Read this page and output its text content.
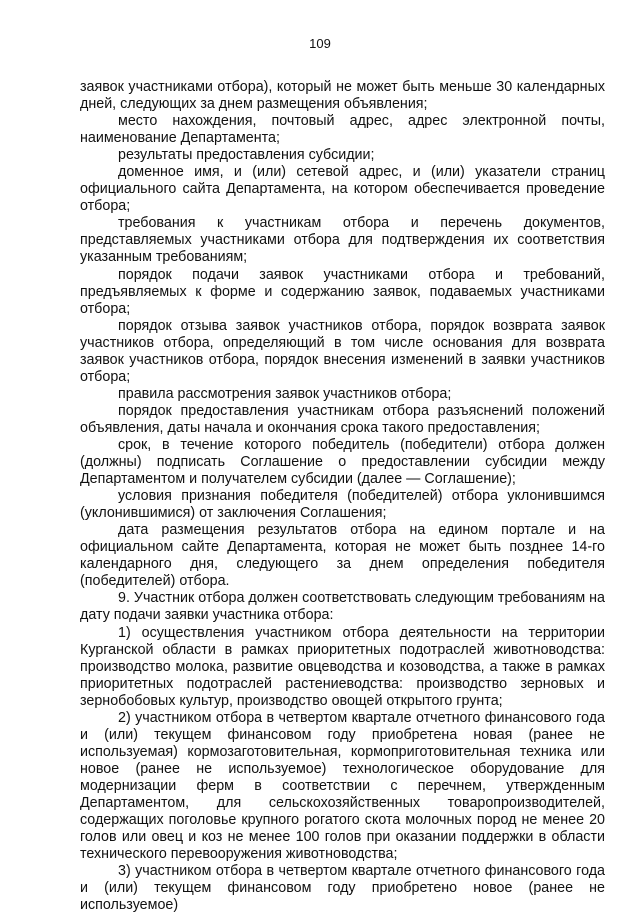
109

заявок участниками отбора), который не может быть меньше 30 календарных дней, следующих за днем размещения объявления;

место нахождения, почтовый адрес, адрес электронной почты, наименование Департамента;

результаты предоставления субсидии;

доменное имя, и (или) сетевой адрес, и (или) указатели страниц официального сайта Департамента, на котором обеспечивается проведение отбора;

требования к участникам отбора и перечень документов, представляемых участниками отбора для подтверждения их соответствия указанным требованиям;

порядок подачи заявок участниками отбора и требований, предъявляемых к форме и содержанию заявок, подаваемых участниками отбора;

порядок отзыва заявок участников отбора, порядок возврата заявок участников отбора, определяющий в том числе основания для возврата заявок участников отбора, порядок внесения изменений в заявки участников отбора;

правила рассмотрения заявок участников отбора;

порядок предоставления участникам отбора разъяснений положений объявления, даты начала и окончания срока такого предоставления;

срок, в течение которого победитель (победители) отбора должен (должны) подписать Соглашение о предоставлении субсидии между Департаментом и получателем субсидии (далее — Соглашение);

условия признания победителя (победителей) отбора уклонившимся (уклонившимися) от заключения Соглашения;

дата размещения результатов отбора на едином портале и на официальном сайте Департамента, которая не может быть позднее 14-го календарного дня, следующего за днем определения победителя (победителей) отбора.

9. Участник отбора должен соответствовать следующим требованиям на дату подачи заявки участника отбора:

1) осуществления участником отбора деятельности на территории Курганской области в рамках приоритетных подотраслей животноводства: производство молока, развитие овцеводства и козоводства, а также в рамках приоритетных подотраслей растениеводства: производство зерновых и зернобобовых культур, производство овощей открытого грунта;

2) участником отбора в четвертом квартале отчетного финансового года и (или) текущем финансовом году приобретена новая (ранее не используемая) кормозаготовительная, кормоприготовительная техника или новое (ранее не используемое) технологическое оборудование для модернизации ферм в соответствии с перечнем, утвержденным Департаментом, для сельскохозяйственных товаропроизводителей, содержащих поголовье крупного рогатого скота молочных пород не менее 20 голов или овец и коз не менее 100 голов при оказании поддержки в области технического перевооружения животноводства;

3) участником отбора в четвертом квартале отчетного финансового года и (или) текущем финансовом году приобретено новое (ранее не используемое)
